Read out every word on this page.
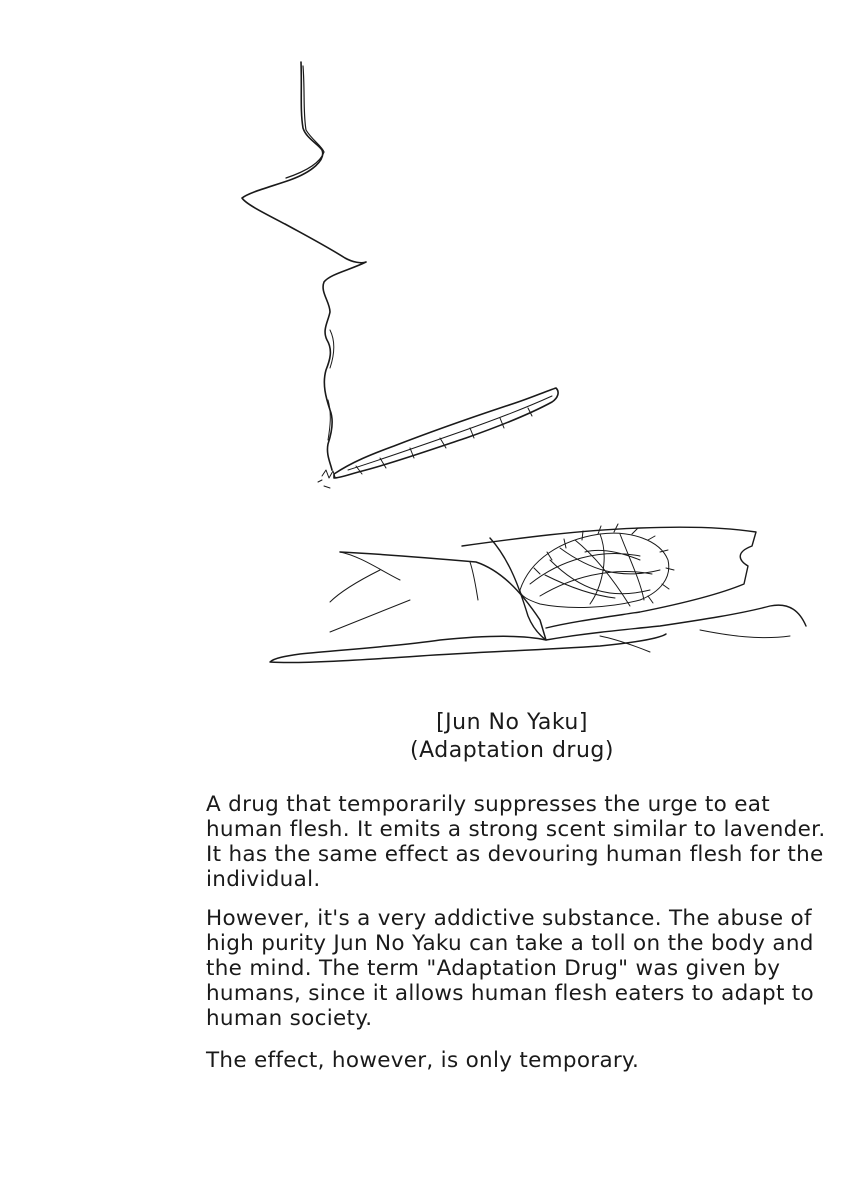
[Jun No Yaku]
(Adaptation drug)

A drug that temporarily suppresses the urge to eat human flesh. It emits a strong scent similar to lavender. It has the same effect as devouring human flesh for the individual.

However, it's a very addictive substance. The abuse of high purity Jun No Yaku can take a toll on the body and the mind. The term "Adaptation Drug" was given by humans, since it allows human flesh eaters to adapt to human society.

The effect, however, is only temporary.
